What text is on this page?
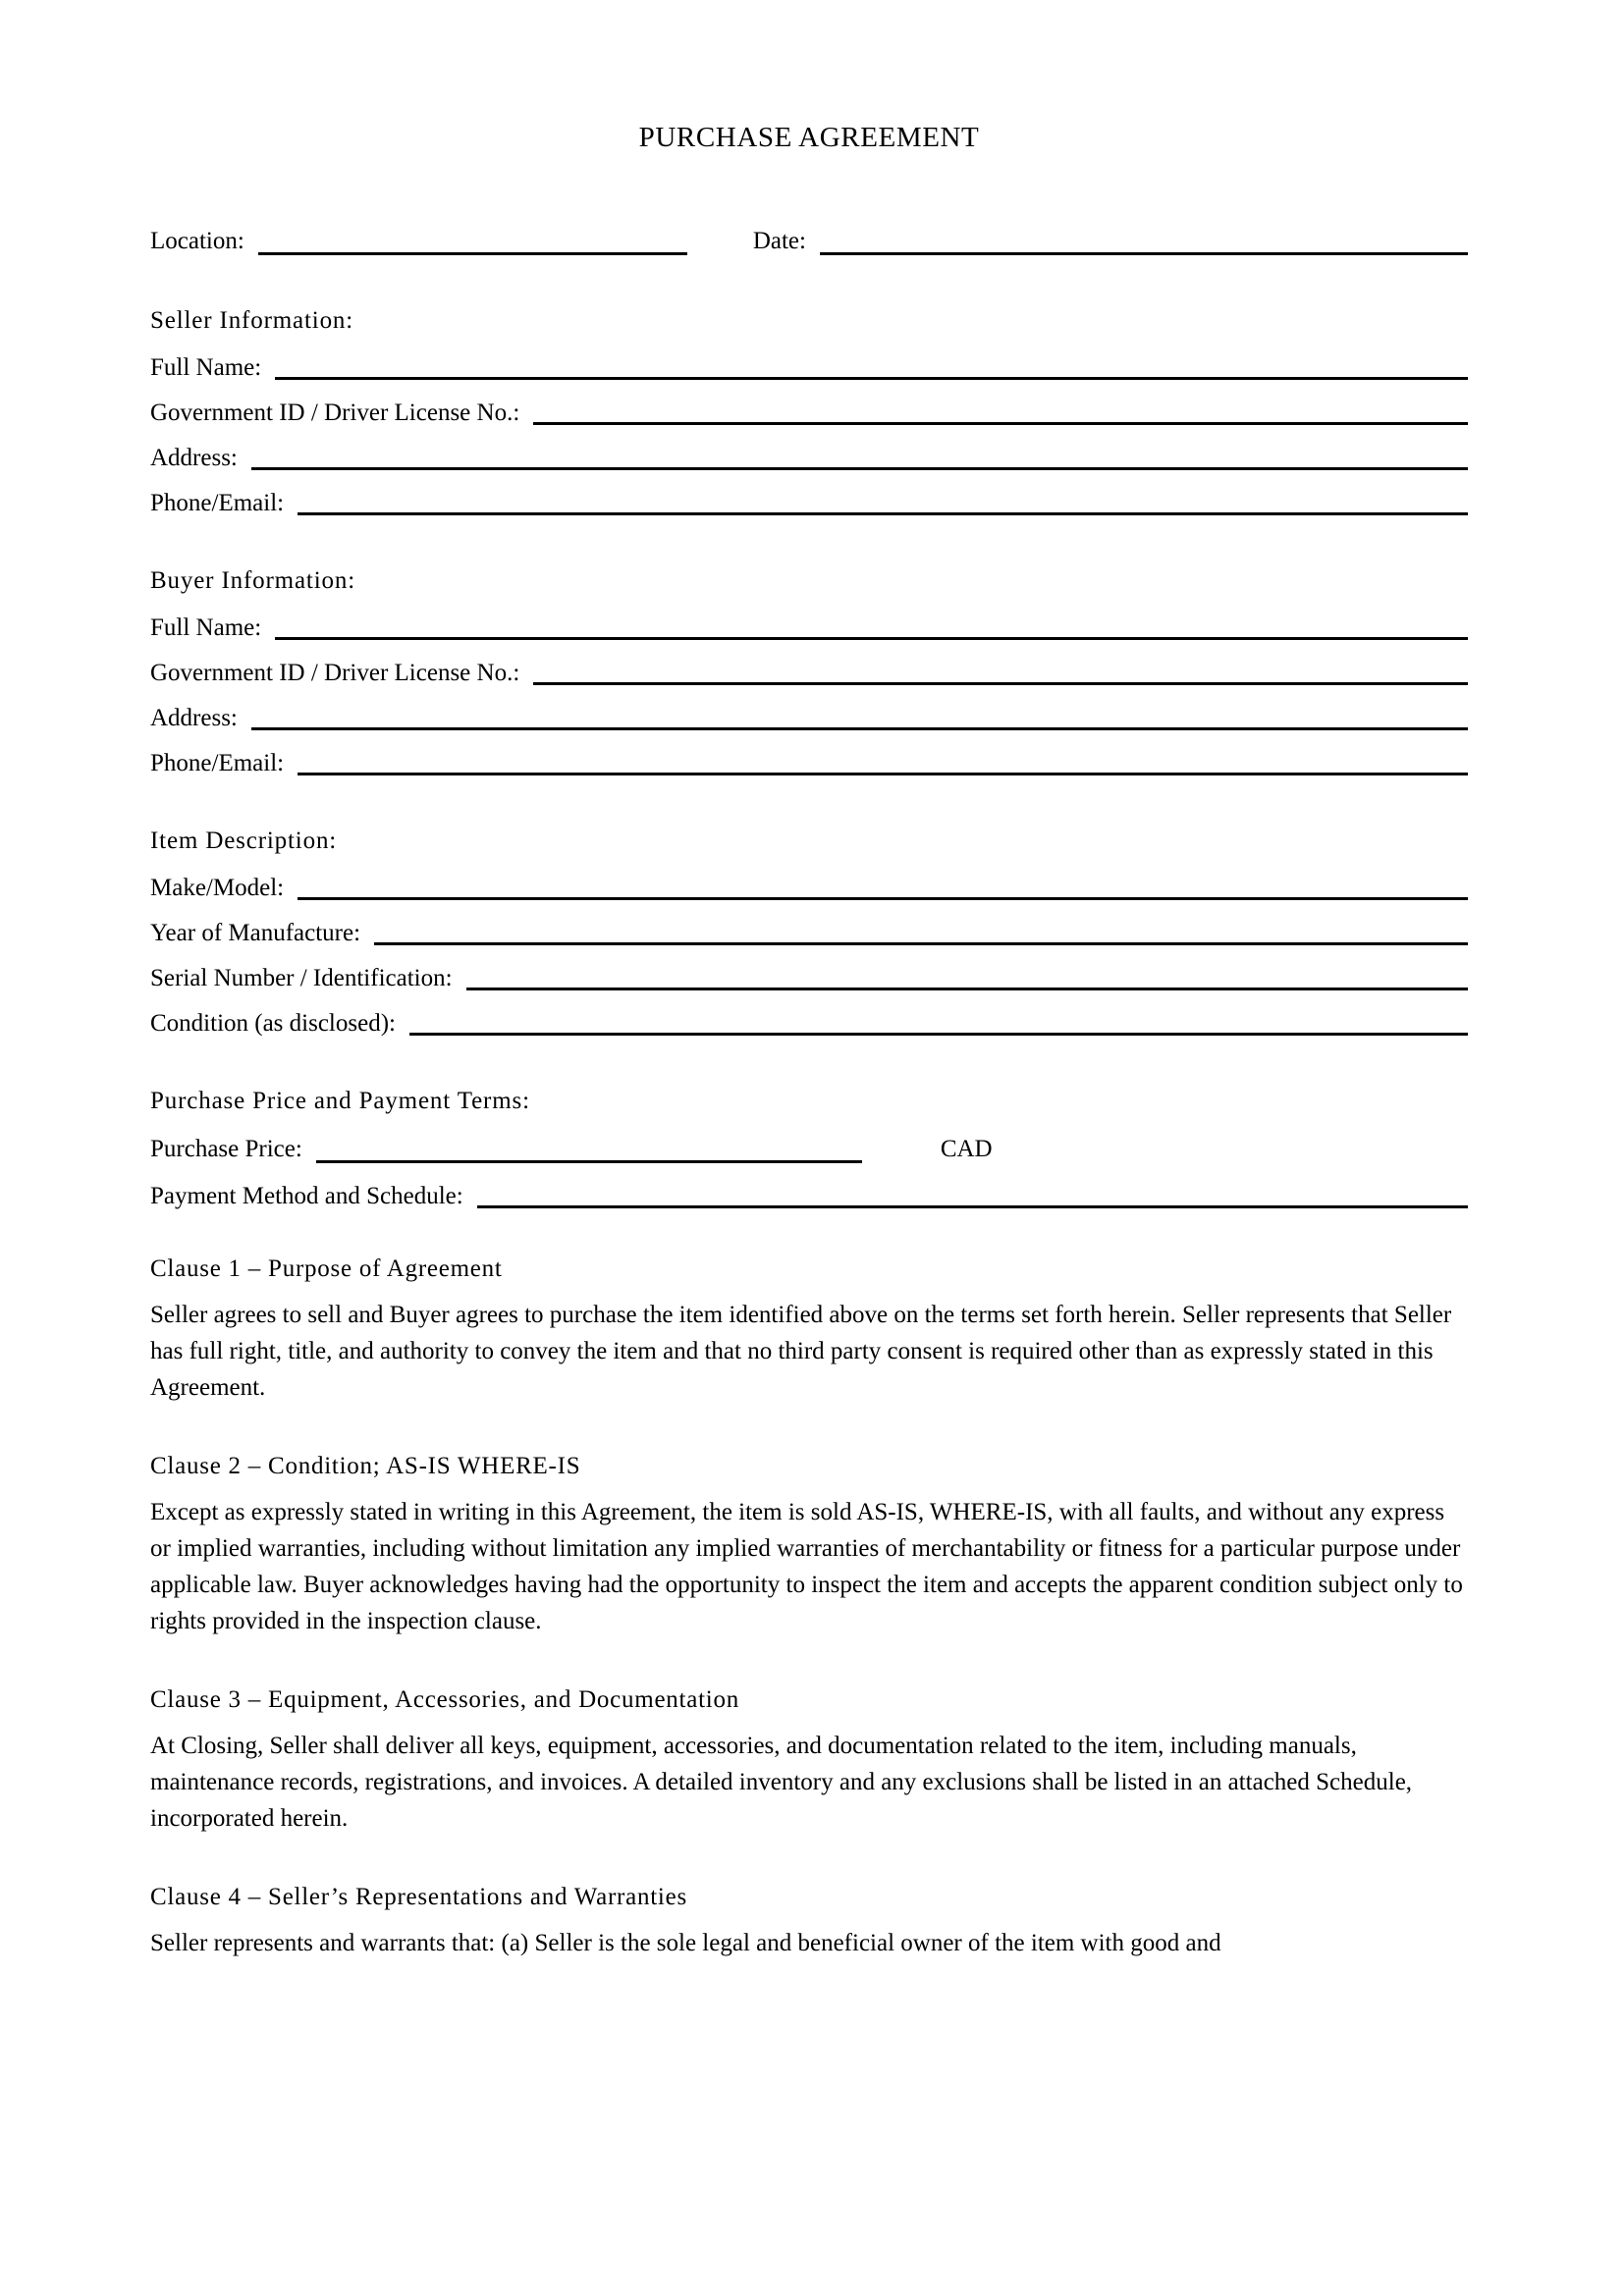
PURCHASE AGREEMENT
Location:	Date:
Seller Information:
Full Name:
Government ID / Driver License No.:
Address:
Phone/Email:
Buyer Information:
Full Name:
Government ID / Driver License No.:
Address:
Phone/Email:
Item Description:
Make/Model:
Year of Manufacture:
Serial Number / Identification:
Condition (as disclosed):
Purchase Price and Payment Terms:
Purchase Price:	CAD
Payment Method and Schedule:
Clause 1 – Purpose of Agreement
Seller agrees to sell and Buyer agrees to purchase the item identified above on the terms set forth herein. Seller represents that Seller has full right, title, and authority to convey the item and that no third party consent is required other than as expressly stated in this Agreement.
Clause 2 – Condition; AS-IS WHERE-IS
Except as expressly stated in writing in this Agreement, the item is sold AS-IS, WHERE-IS, with all faults, and without any express or implied warranties, including without limitation any implied warranties of merchantability or fitness for a particular purpose under applicable law. Buyer acknowledges having had the opportunity to inspect the item and accepts the apparent condition subject only to rights provided in the inspection clause.
Clause 3 – Equipment, Accessories, and Documentation
At Closing, Seller shall deliver all keys, equipment, accessories, and documentation related to the item, including manuals, maintenance records, registrations, and invoices. A detailed inventory and any exclusions shall be listed in an attached Schedule, incorporated herein.
Clause 4 – Seller’s Representations and Warranties
Seller represents and warrants that: (a) Seller is the sole legal and beneficial owner of the item with good and
